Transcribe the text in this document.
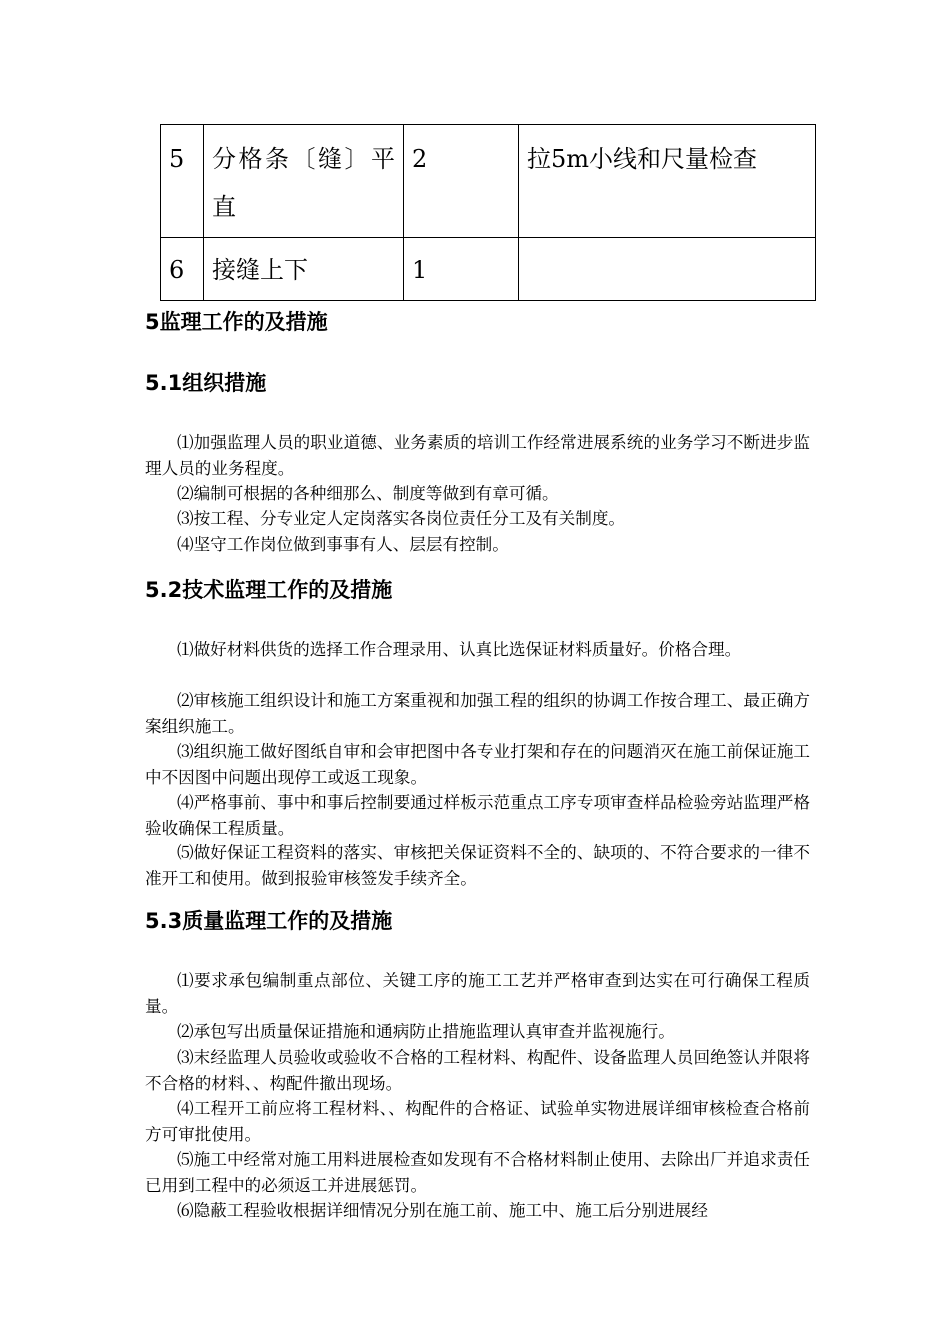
5	分格条〔缝〕平直	2	拉5m小线和尺量检查
6	接缝上下	1	
5监理工作的及措施
5.1组织措施

⑴加强监理人员的职业道德、业务素质的培训工作经常进展系统的业务学习不断进步监理人员的业务程度。

⑵编制可根据的各种细那么、制度等做到有章可循。

⑶按工程、分专业定人定岗落实各岗位责任分工及有关制度。

⑷坚守工作岗位做到事事有人、层层有控制。

5.2技术监理工作的及措施

⑴做好材料供货的选择工作合理录用、认真比选保证材料质量好。价格合理。

⑵审核施工组织设计和施工方案重视和加强工程的组织的协调工作按合理工、最正确方案组织施工。

⑶组织施工做好图纸自审和会审把图中各专业打架和存在的问题消灭在施工前保证施工中不因图中问题出现停工或返工现象。

⑷严格事前、事中和事后控制要通过样板示范重点工序专项审查样品检验旁站监理严格验收确保工程质量。

⑸做好保证工程资料的落实、审核把关保证资料不全的、缺项的、不符合要求的一律不准开工和使用。做到报验审核签发手续齐全。

5.3质量监理工作的及措施

⑴要求承包编制重点部位、关键工序的施工工艺并严格审查到达实在可行确保工程质量。

⑵承包写出质量保证措施和通病防止措施监理认真审查并监视施行。

⑶末经监理人员验收或验收不合格的工程材料、构配件、设备监理人员回绝签认并限将不合格的材料、、构配件撤出现场。

⑷工程开工前应将工程材料、、构配件的合格证、试验单实物进展详细审核检查合格前方可审批使用。

⑸施工中经常对施工用料进展检查如发现有不合格材料制止使用、去除出厂并追求责任已用到工程中的必须返工并进展惩罚。

⑹隐蔽工程验收根据详细情况分别在施工前、施工中、施工后分别进展经
